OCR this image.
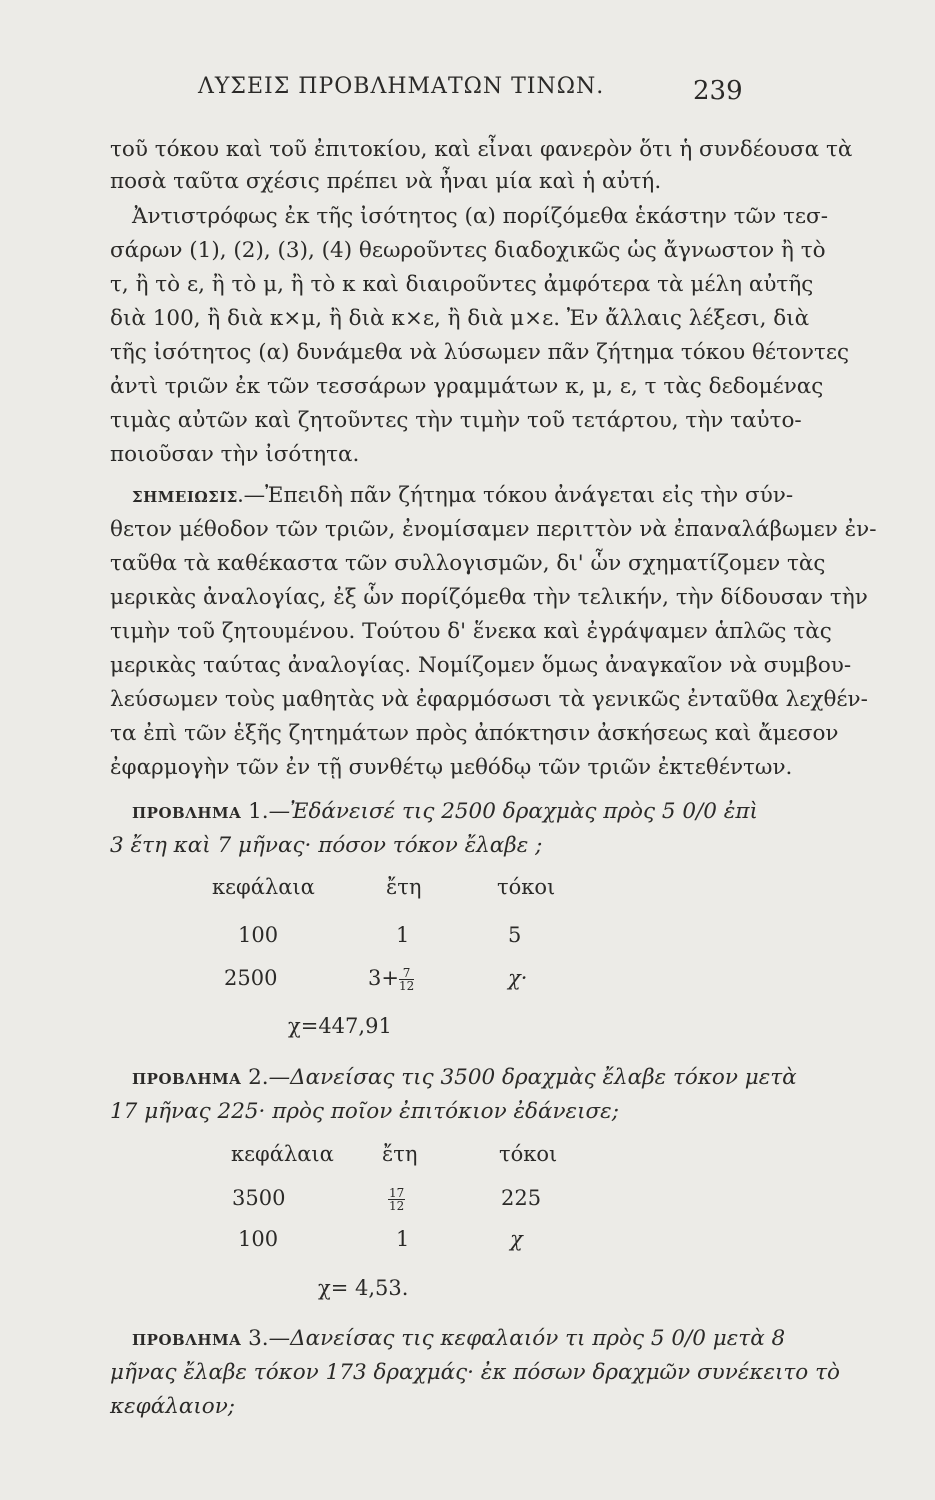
ΛΥΣΕΙΣ ΠΡΟΒΛΗΜΑΤΩΝ ΤΙΝΩΝ.	239
τοῦ τόκου καὶ τοῦ ἐπιτοκίου, καὶ εἶναι φανερὸν ὅτι ἡ συνδέουσα τὰ
ποσὰ ταῦτα σχέσις πρέπει νὰ ἦναι μία καὶ ἡ αὐτή.
Ἀντιστρόφως ἐκ τῆς ἰσότητος (α) πορίζόμεθα ἑκάστην τῶν τεσ-
σάρων (1), (2), (3), (4) θεωροῦντες διαδοχικῶς ὡς ἄγνωστον ἢ τὸ
τ, ἢ τὸ ε, ἢ τὸ μ, ἢ τὸ κ καὶ διαιροῦντες ἀμφότερα τὰ μέλη αὐτῆς
διὰ 100, ἢ διὰ κ×μ, ἢ διὰ κ×ε, ἢ διὰ μ×ε. Ἐν ἄλλαις λέξεσι, διὰ
τῆς ἰσότητος (α) δυνάμεθα νὰ λύσωμεν πᾶν ζήτημα τόκου θέτοντες
ἀντὶ τριῶν ἐκ τῶν τεσσάρων γραμμάτων κ, μ, ε, τ τὰς δεδομένας
τιμὰς αὐτῶν καὶ ζητοῦντες τὴν τιμὴν τοῦ τετάρτου, τὴν ταὐτο-
ποιοῦσαν τὴν ἰσότητα.
ΣΗΜΕΙΩΣΙΣ.—Ἐπειδὴ πᾶν ζήτημα τόκου ἀνάγεται εἰς τὴν σύν-
θετον μέθοδον τῶν τριῶν, ἐνομίσαμεν περιττὸν νὰ ἐπαναλάβωμεν ἐν-
ταῦθα τὰ καθέκαστα τῶν συλλογισμῶν, δι' ὧν σχηματίζομεν τὰς
μερικὰς ἀναλογίας, ἐξ ὧν πορίζόμεθα τὴν τελικήν, τὴν δίδουσαν τὴν
τιμὴν τοῦ ζητουμένου. Τούτου δ' ἕνεκα καὶ ἐγράψαμεν ἁπλῶς τὰς
μερικὰς ταύτας ἀναλογίας. Νομίζομεν ὅμως ἀναγκαῖον νὰ συμβου-
λεύσωμεν τοὺς μαθητὰς νὰ ἐφαρμόσωσι τὰ γενικῶς ἐνταῦθα λεχθέν-
τα ἐπὶ τῶν ἑξῆς ζητημάτων πρὸς ἀπόκτησιν ἀσκήσεως καὶ ἄμεσον
ἐφαρμογὴν τῶν ἐν τῇ συνθέτῳ μεθόδῳ τῶν τριῶν ἐκτεθέντων.
ΠΡΟΒΛΗΜΑ 1.—Ἐδάνεισέ τις 2500 δραχμὰς πρὸς 5 0/0 ἐπὶ
3 ἔτη καὶ 7 μῆνας· πόσον τόκον ἔλαβε ;
κεφάλαια	ἔτη	τόκοι
100	1	5
2500	$3+ \frac{7}{12}$	χ·
χ=447,91
ΠΡΟΒΛΗΜΑ 2.—Δανείσας τις 3500 δραχμὰς ἔλαβε τόκον μετὰ
17 μῆνας 225· πρὸς ποῖον ἐπιτόκιον ἐδάνεισε;
κεφάλαια ἔτη	τόκοι
3500	$\frac{17}{12}$	225
100	1	χ
χ= 4,53.
ΠΡΟΒΛΗΜΑ 3.—Δανείσας τις κεφαλαιόν τι πρὸς 5 0/0 μετὰ 8
μῆνας ἔλαβε τόκον 173 δραχμάς· ἐκ πόσων δραχμῶν συνέκειτο τὸ
κεφάλαιον;
